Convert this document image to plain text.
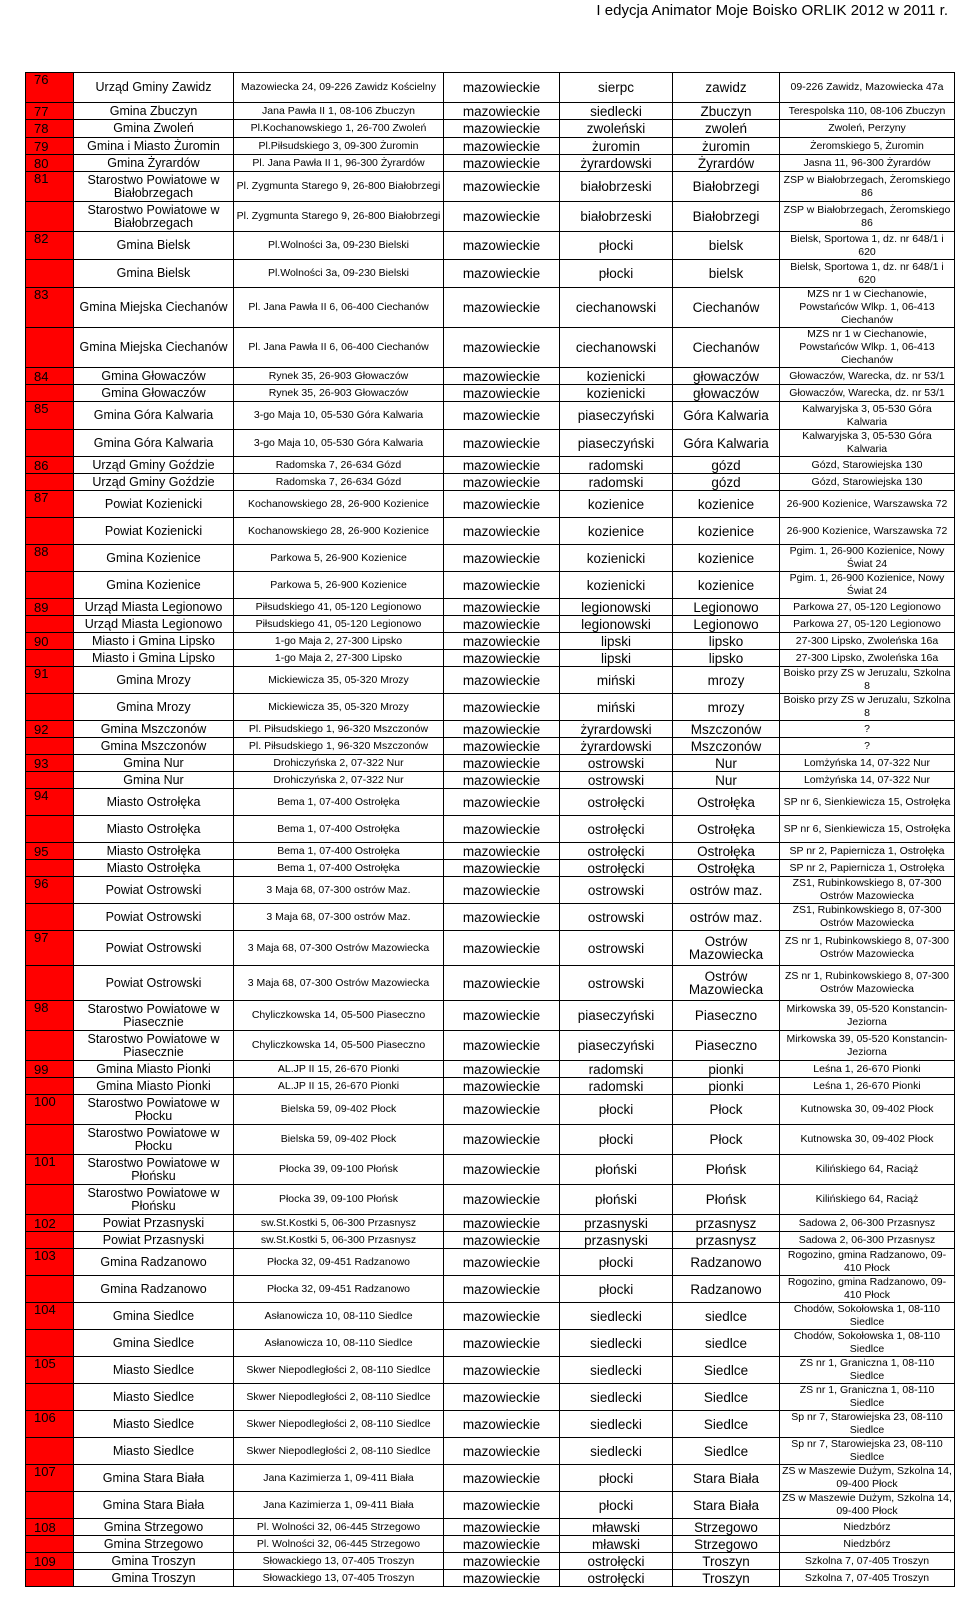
I edycja Animator Moje Boisko ORLIK 2012 w 2011 r.
76	Urząd Gminy Zawidz	Mazowiecka 24, 09-226 Zawidz Kościelny	mazowieckie	sierpc	zawidz	09-226 Zawidz, Mazowiecka 47a
77	Gmina Zbuczyn	Jana Pawła II 1, 08-106 Zbuczyn	mazowieckie	siedlecki	Zbuczyn	Terespolska 110, 08-106 Zbuczyn
78	Gmina Zwoleń	Pl.Kochanowskiego 1, 26-700 Zwoleń	mazowieckie	zwoleński	zwoleń	Zwoleń, Perzyny
79	Gmina i Miasto Żuromin	Pl.Piłsudskiego 3, 09-300 Żuromin	mazowieckie	żuromin	żuromin	Żeromskiego 5, Żuromin
80	Gmina Żyrardów	Pl. Jana Pawła II 1, 96-300 Żyrardów	mazowieckie	żyrardowski	Żyrardów	Jasna 11, 96-300 Żyrardów
81	Starostwo Powiatowe w Białobrzegach	Pl. Zygmunta Starego 9, 26-800 Białobrzegi	mazowieckie	białobrzeski	Białobrzegi	ZSP w Białobrzegach, Żeromskiego 86
	Starostwo Powiatowe w Białobrzegach	Pl. Zygmunta Starego 9, 26-800 Białobrzegi	mazowieckie	białobrzeski	Białobrzegi	ZSP w Białobrzegach, Żeromskiego 86
82	Gmina Bielsk	Pl.Wolności 3a, 09-230 Bielski	mazowieckie	płocki	bielsk	Bielsk, Sportowa 1, dz. nr 648/1 i 620
	Gmina Bielsk	Pl.Wolności 3a, 09-230 Bielski	mazowieckie	płocki	bielsk	Bielsk, Sportowa 1, dz. nr 648/1 i 620
83	Gmina Miejska Ciechanów	Pl. Jana Pawła II 6, 06-400 Ciechanów	mazowieckie	ciechanowski	Ciechanów	MZS nr 1 w Ciechanowie, Powstańców Wlkp. 1, 06-413 Ciechanów
	Gmina Miejska Ciechanów	Pl. Jana Pawła II 6, 06-400 Ciechanów	mazowieckie	ciechanowski	Ciechanów	MZS nr 1 w Ciechanowie, Powstańców Wlkp. 1, 06-413 Ciechanów
84	Gmina Głowaczów	Rynek 35, 26-903 Głowaczów	mazowieckie	kozienicki	głowaczów	Głowaczów, Warecka, dz. nr 53/1
	Gmina Głowaczów	Rynek 35, 26-903 Głowaczów	mazowieckie	kozienicki	głowaczów	Głowaczów, Warecka, dz. nr 53/1
85	Gmina Góra Kalwaria	3-go Maja 10, 05-530 Góra Kalwaria	mazowieckie	piaseczyński	Góra Kalwaria	Kalwaryjska 3, 05-530 Góra Kalwaria
	Gmina Góra Kalwaria	3-go Maja 10, 05-530 Góra Kalwaria	mazowieckie	piaseczyński	Góra Kalwaria	Kalwaryjska 3, 05-530 Góra Kalwaria
86	Urząd Gminy Goździe	Radomska 7, 26-634 Gózd	mazowieckie	radomski	gózd	Gózd, Starowiejska 130
	Urząd Gminy Goździe	Radomska 7, 26-634 Gózd	mazowieckie	radomski	gózd	Gózd, Starowiejska 130
87	Powiat Kozienicki	Kochanowskiego 28, 26-900 Kozienice	mazowieckie	kozienice	kozienice	26-900 Kozienice, Warszawska 72
	Powiat Kozienicki	Kochanowskiego 28, 26-900 Kozienice	mazowieckie	kozienice	kozienice	26-900 Kozienice, Warszawska 72
88	Gmina Kozienice	Parkowa 5, 26-900 Kozienice	mazowieckie	kozienicki	kozienice	Pgim. 1, 26-900 Kozienice, Nowy Świat 24
	Gmina Kozienice	Parkowa 5, 26-900 Kozienice	mazowieckie	kozienicki	kozienice	Pgim. 1, 26-900 Kozienice, Nowy Świat 24
89	Urząd Miasta Legionowo	Piłsudskiego 41, 05-120 Legionowo	mazowieckie	legionowski	Legionowo	Parkowa 27, 05-120 Legionowo
	Urząd Miasta Legionowo	Piłsudskiego 41, 05-120 Legionowo	mazowieckie	legionowski	Legionowo	Parkowa 27, 05-120 Legionowo
90	Miasto i Gmina Lipsko	1-go Maja 2, 27-300 Lipsko	mazowieckie	lipski	lipsko	27-300 Lipsko, Zwoleńska 16a
	Miasto i Gmina Lipsko	1-go Maja 2, 27-300 Lipsko	mazowieckie	lipski	lipsko	27-300 Lipsko, Zwoleńska 16a
91	Gmina Mrozy	Mickiewicza 35, 05-320 Mrozy	mazowieckie	miński	mrozy	Boisko przy ZS w Jeruzalu, Szkolna 8
	Gmina Mrozy	Mickiewicza 35, 05-320 Mrozy	mazowieckie	miński	mrozy	Boisko przy ZS w Jeruzalu, Szkolna 8
92	Gmina Mszczonów	Pl. Piłsudskiego 1, 96-320 Mszczonów	mazowieckie	żyrardowski	Mszczonów	?
	Gmina Mszczonów	Pl. Piłsudskiego 1, 96-320 Mszczonów	mazowieckie	żyrardowski	Mszczonów	?
93	Gmina Nur	Drohiczyńska 2, 07-322 Nur	mazowieckie	ostrowski	Nur	Lomżyńska 14, 07-322 Nur
	Gmina Nur	Drohiczyńska 2, 07-322 Nur	mazowieckie	ostrowski	Nur	Lomżyńska 14, 07-322 Nur
94	Miasto Ostrołęka	Bema 1, 07-400 Ostrołęka	mazowieckie	ostrołęcki	Ostrołęka	SP nr 6, Sienkiewicza 15, Ostrołęka
	Miasto Ostrołęka	Bema 1, 07-400 Ostrołęka	mazowieckie	ostrołęcki	Ostrołęka	SP nr 6, Sienkiewicza 15, Ostrołęka
95	Miasto Ostrołęka	Bema 1, 07-400 Ostrołęka	mazowieckie	ostrołęcki	Ostrołęka	SP nr 2, Papiernicza 1, Ostrołęka
	Miasto Ostrołęka	Bema 1, 07-400 Ostrołęka	mazowieckie	ostrołęcki	Ostrołęka	SP nr 2, Papiernicza 1, Ostrołęka
96	Powiat Ostrowski	3 Maja 68, 07-300 ostrów Maz.	mazowieckie	ostrowski	ostrów maz.	ZS1, Rubinkowskiego 8, 07-300 Ostrów Mazowiecka
	Powiat Ostrowski	3 Maja 68, 07-300 ostrów Maz.	mazowieckie	ostrowski	ostrów maz.	ZS1, Rubinkowskiego 8, 07-300 Ostrów Mazowiecka
97	Powiat Ostrowski	3 Maja 68, 07-300 Ostrów Mazowiecka	mazowieckie	ostrowski	Ostrów Mazowiecka	ZS nr 1, Rubinkowskiego 8, 07-300 Ostrów Mazowiecka
	Powiat Ostrowski	3 Maja 68, 07-300 Ostrów Mazowiecka	mazowieckie	ostrowski	Ostrów Mazowiecka	ZS nr 1, Rubinkowskiego 8, 07-300 Ostrów Mazowiecka
98	Starostwo Powiatowe w Piasecznie	Chyliczkowska 14, 05-500 Piaseczno	mazowieckie	piaseczyński	Piaseczno	Mirkowska 39, 05-520 Konstancin-Jeziorna
	Starostwo Powiatowe w Piasecznie	Chyliczkowska 14, 05-500 Piaseczno	mazowieckie	piaseczyński	Piaseczno	Mirkowska 39, 05-520 Konstancin-Jeziorna
99	Gmina Miasto Pionki	AL.JP II 15, 26-670 Pionki	mazowieckie	radomski	pionki	Leśna 1, 26-670 Pionki
	Gmina Miasto Pionki	AL.JP II 15, 26-670 Pionki	mazowieckie	radomski	pionki	Leśna 1, 26-670 Pionki
100	Starostwo Powiatowe w Płocku	Bielska 59, 09-402 Płock	mazowieckie	płocki	Płock	Kutnowska 30, 09-402 Płock
	Starostwo Powiatowe w Płocku	Bielska 59, 09-402 Płock	mazowieckie	płocki	Płock	Kutnowska 30, 09-402 Płock
101	Starostwo Powiatowe w Płońsku	Płocka 39, 09-100 Płońsk	mazowieckie	płoński	Płońsk	Kilińskiego 64, Raciąż
	Starostwo Powiatowe w Płońsku	Płocka 39, 09-100 Płońsk	mazowieckie	płoński	Płońsk	Kilińskiego 64, Raciąż
102	Powiat Przasnyski	sw.St.Kostki 5, 06-300 Przasnysz	mazowieckie	przasnyski	przasnysz	Sadowa 2, 06-300 Przasnysz
	Powiat Przasnyski	sw.St.Kostki 5, 06-300 Przasnysz	mazowieckie	przasnyski	przasnysz	Sadowa 2, 06-300 Przasnysz
103	Gmina Radzanowo	Płocka 32, 09-451 Radzanowo	mazowieckie	płocki	Radzanowo	Rogozino, gmina Radzanowo, 09-410 Płock
	Gmina Radzanowo	Płocka 32, 09-451 Radzanowo	mazowieckie	płocki	Radzanowo	Rogozino, gmina Radzanowo, 09-410 Płock
104	Gmina Siedlce	Asłanowicza 10, 08-110 Siedlce	mazowieckie	siedlecki	siedlce	Chodów, Sokołowska 1, 08-110 Siedlce
	Gmina Siedlce	Asłanowicza 10, 08-110 Siedlce	mazowieckie	siedlecki	siedlce	Chodów, Sokołowska 1, 08-110 Siedlce
105	Miasto Siedlce	Skwer Niepodległości 2, 08-110 Siedlce	mazowieckie	siedlecki	Siedlce	ZS nr 1, Graniczna 1, 08-110 Siedlce
	Miasto Siedlce	Skwer Niepodległości 2, 08-110 Siedlce	mazowieckie	siedlecki	Siedlce	ZS nr 1, Graniczna 1, 08-110 Siedlce
106	Miasto Siedlce	Skwer Niepodległości 2, 08-110 Siedlce	mazowieckie	siedlecki	Siedlce	Sp nr 7, Starowiejska 23, 08-110 Siedlce
	Miasto Siedlce	Skwer Niepodległości 2, 08-110 Siedlce	mazowieckie	siedlecki	Siedlce	Sp nr 7, Starowiejska 23, 08-110 Siedlce
107	Gmina Stara Biała	Jana Kazimierza 1, 09-411 Biała	mazowieckie	płocki	Stara Biała	ZS w Maszewie Dużym, Szkolna 14, 09-400 Płock
	Gmina Stara Biała	Jana Kazimierza 1, 09-411 Biała	mazowieckie	płocki	Stara Biała	ZS w Maszewie Dużym, Szkolna 14, 09-400 Płock
108	Gmina Strzegowo	Pl. Wolności 32, 06-445 Strzegowo	mazowieckie	mławski	Strzegowo	Niedzbórz
	Gmina Strzegowo	Pl. Wolności 32, 06-445 Strzegowo	mazowieckie	mławski	Strzegowo	Niedzbórz
109	Gmina Troszyn	Słowackiego 13, 07-405 Troszyn	mazowieckie	ostrołęcki	Troszyn	Szkolna 7, 07-405 Troszyn
	Gmina Troszyn	Słowackiego 13, 07-405 Troszyn	mazowieckie	ostrołęcki	Troszyn	Szkolna 7, 07-405 Troszyn
